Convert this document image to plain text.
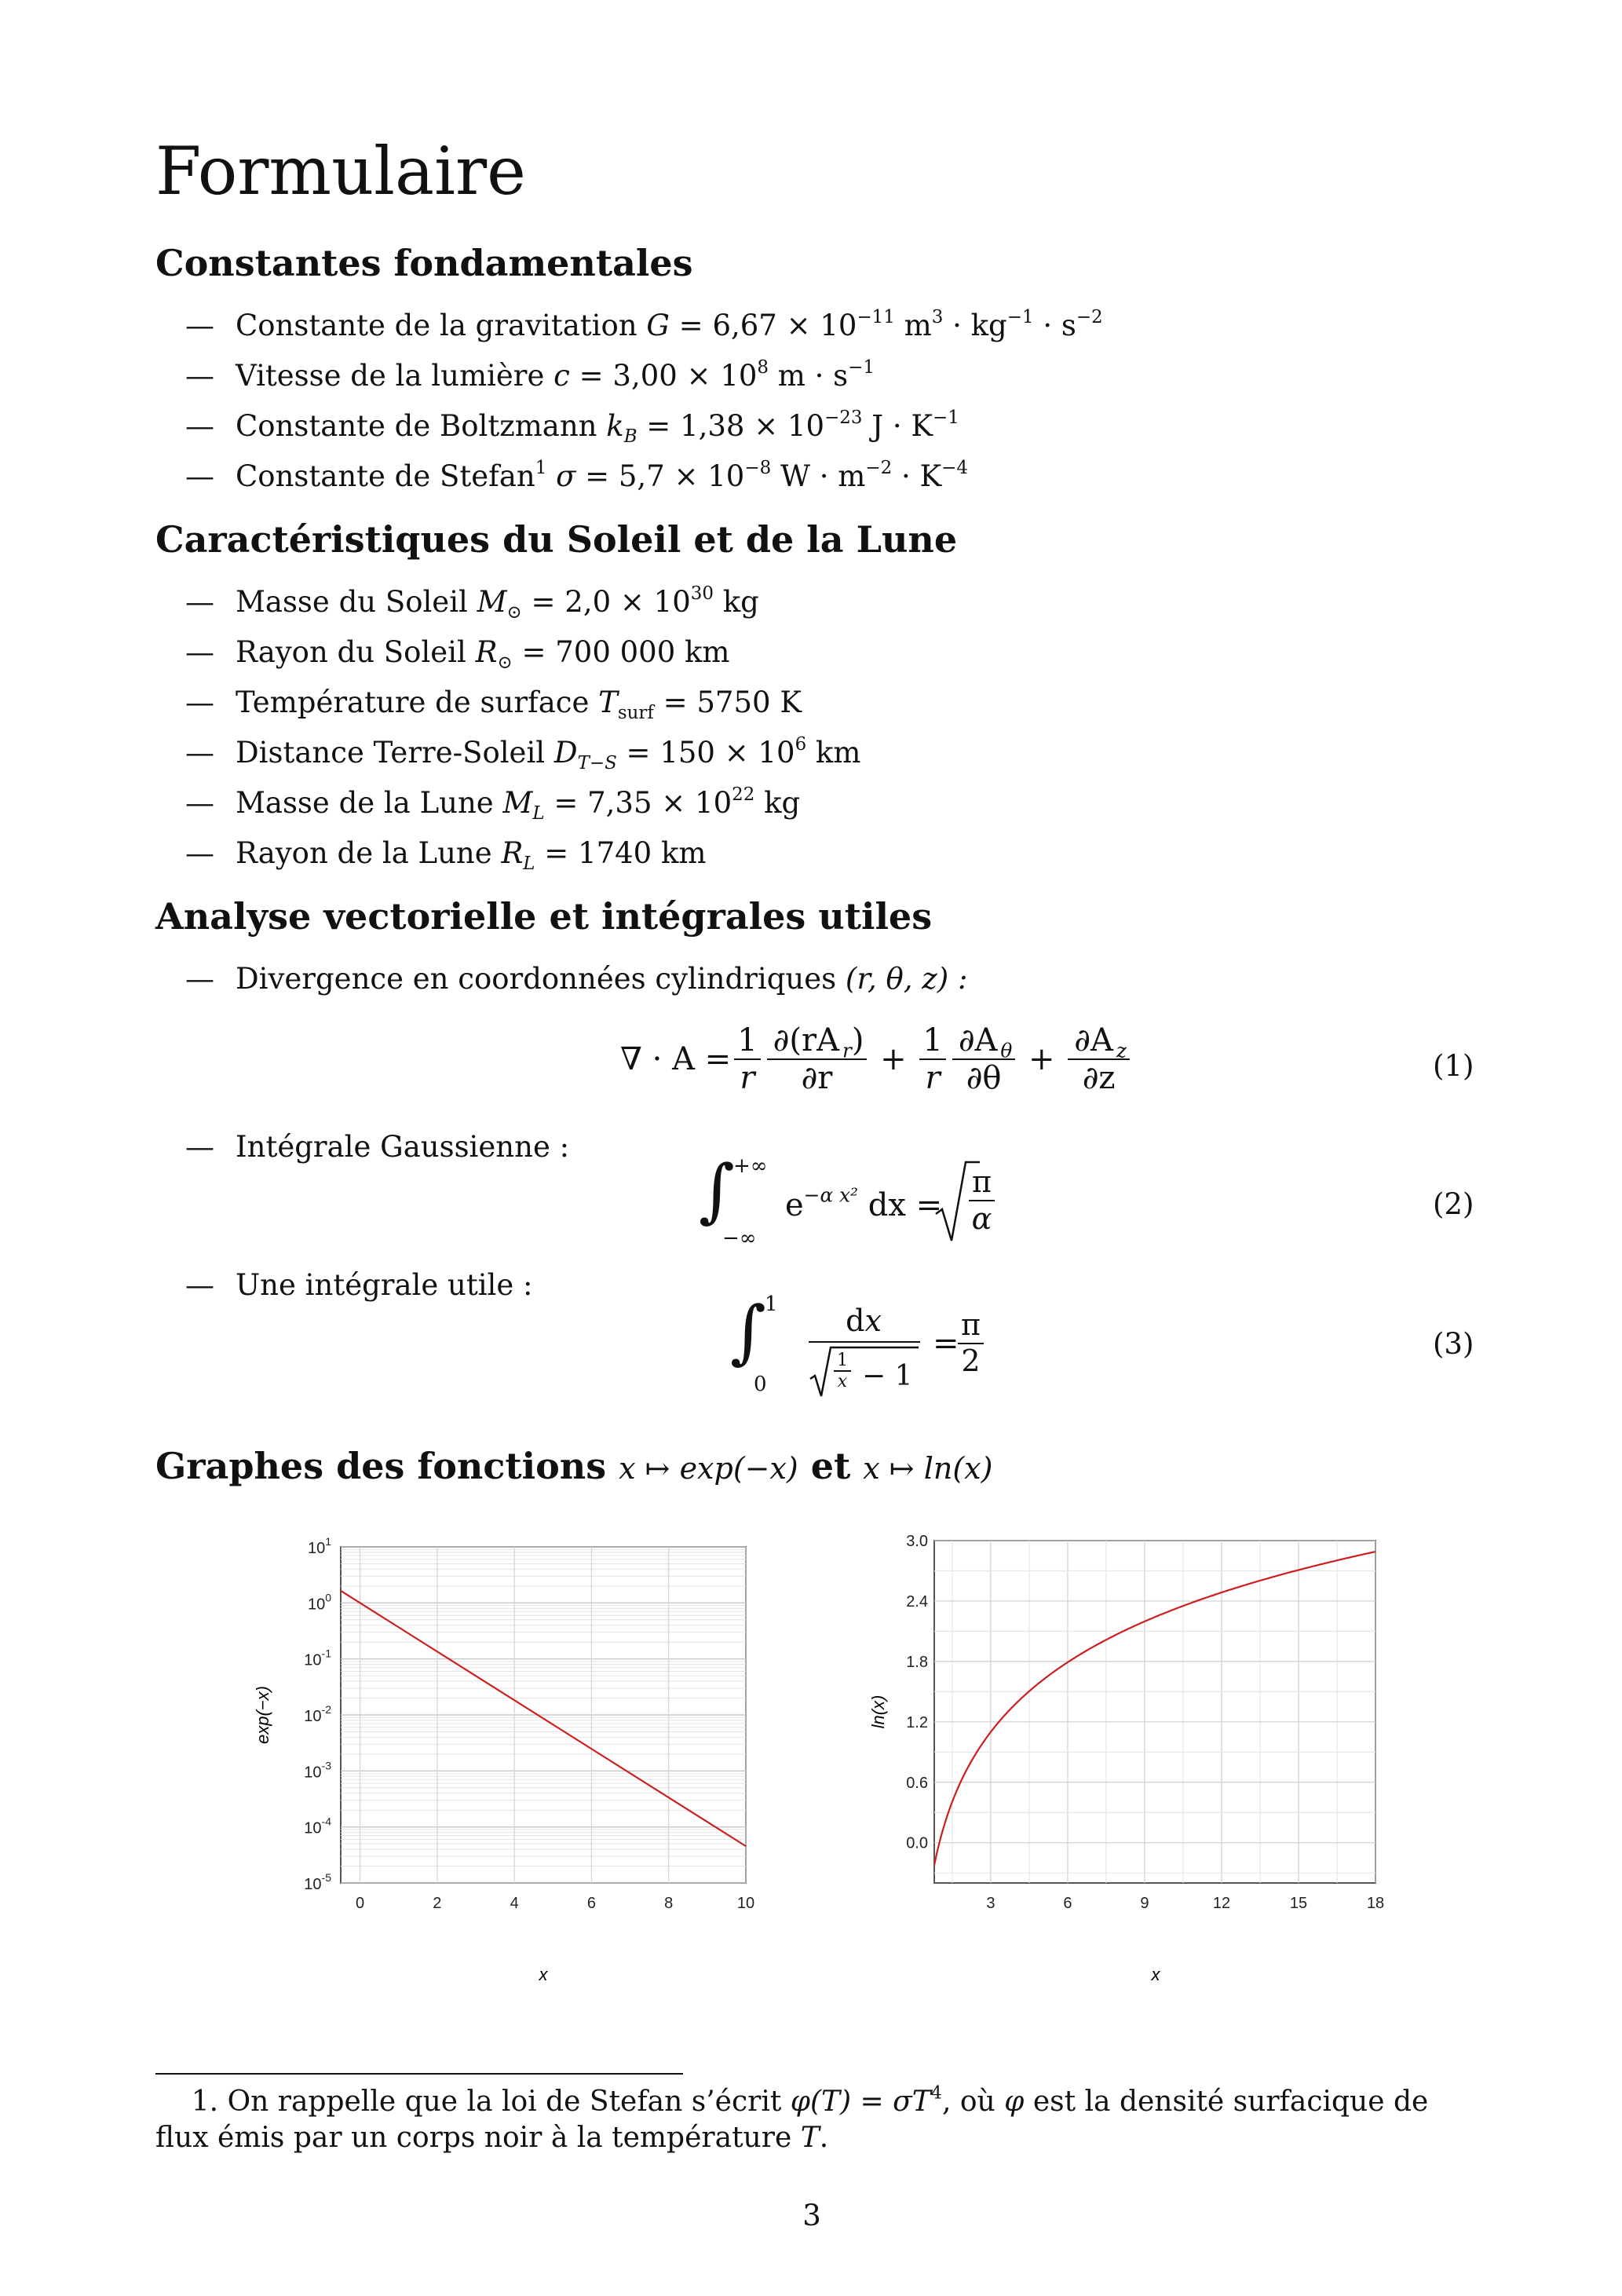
Formulaire
Constantes fondamentales
— Constante de la gravitation $G = 6,67 \times 10^{-11}$ $m^3 \cdot kg^{-1} \cdot s^{-2}$
— Vitesse de la lumière $c = 3,00 \times 10^8$ $m \cdot s^{-1}$
— Constante de Boltzmann $k_B = 1,38 \times 10^{-23}$ $J \cdot K^{-1}$
— Constante de Stefan$^1$ $\sigma = 5,7 \times 10^{-8}$ $W \cdot m^{-2} \cdot K^{-4}$
Caractéristiques du Soleil et de la Lune
— Masse du Soleil $M_⊙ = 2,0 \times 10^{30}$ kg
— Rayon du Soleil $R_⊙ = 700$ 000 km
— Température de surface $T_{surf} = 5750$ K
— Distance Terre-Soleil $D_{T-S} = 150 \times 10^6$ km
— Masse de la Lune $M_L = 7,35 \times 10^{22}$ kg
— Rayon de la Lune $R_L = 1740$ km
Analyse vectorielle et intégrales utiles
— Divergence en coordonnées cylindriques (r, θ, z) :
∇ · $A = \frac{1}{r} \frac{\partial(rA _r)}{\partial r} + \frac{1}{r} \frac{\partial A _\theta}{\partial\theta} + \frac{\partial A _z}{\partial z}$	(1)
— Intégrale Gaussienne :
∫
+∞
−∞
$e^{-\alpha x^2}$ dx = $\frac{\pi}{\alpha}$	(2)
— Une intégrale utile :
∫
1
0
dx
$\frac{1}{x} - 1$
=
$\frac{\pi}{2}$	(3)
Graphes des fonctions x ↦ exp(−x) et x ↦ ln(x)
0	2	4	6	8	10
$10^1$
$10^0$
$10^{-1}$
$10^{-2}$
$10^{-3}$
$10^{-4}$
$10^{-5}$
x
exp(−x)
3	6	9	12	15	18
3.0
2.4
1.8
1.2
0.6
0.0
x
ln(x)
1. On rappelle que la loi de Stefan s’écrit $\varphi(T) = \sigma T^4$, où φ est la densité surfacique de flux émis par un corps noir à la température T.
3
